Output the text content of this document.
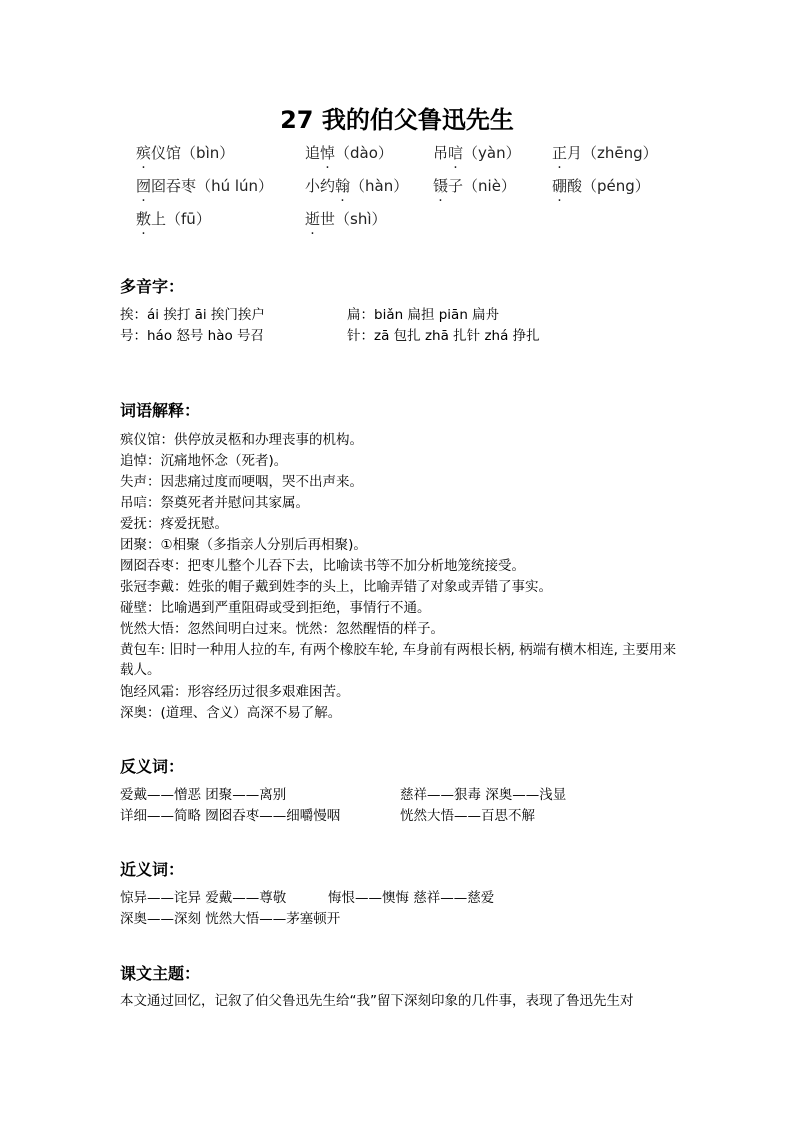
27 我的伯父鲁迅先生
殡仪馆（bìn）	追悼（dào）	吊唁（yàn） 正月（zhēng）
囫囵吞枣（hú lún） 小约翰（hàn） 镊子（niè） 硼酸（péng）
敷上（fū）	逝世（shì）
多音字：
挨：ái 挨打 āi 挨门挨户	扁：biǎn 扁担 piān 扁舟
号：háo 怒号 hào 号召	针：zā 包扎 zhā 扎针 zhá 挣扎
词语解释：
殡仪馆：供停放灵柩和办理丧事的机构。
追悼：沉痛地怀念（死者)。
失声：因悲痛过度而哽咽，哭不出声来。
吊唁：祭奠死者并慰问其家属。
爱抚：疼爱抚慰。
团聚：①相聚（多指亲人分别后再相聚)。
囫囵吞枣：把枣儿整个儿吞下去，比喻读书等不加分析地笼统接受。
张冠李戴：姓张的帽子戴到姓李的头上，比喻弄错了对象或弄错了事实。
碰壁：比喻遇到严重阻碍或受到拒绝，事情行不通。
恍然大悟：忽然间明白过来。恍然：忽然醒悟的样子。
黄包车: 旧时一种用人拉的车, 有两个橡胶车轮, 车身前有两根长柄, 柄端有横木相连, 主要用来载人。
饱经风霜：形容经历过很多艰难困苦。
深奥：(道理、含义）高深不易了解。
反义词：
爱戴——憎恶 团聚——离别	慈祥——狠毒 深奥——浅显
详细——简略 囫囵吞枣——细嚼慢咽	恍然大悟——百思不解
近义词：
惊异——诧异 爱戴——尊敬	悔恨——懊悔 慈祥——慈爱
深奥——深刻 恍然大悟——茅塞顿开
课文主题：
本文通过回忆，记叙了伯父鲁迅先生给“我”留下深刻印象的几件事，表现了鲁迅先生对
